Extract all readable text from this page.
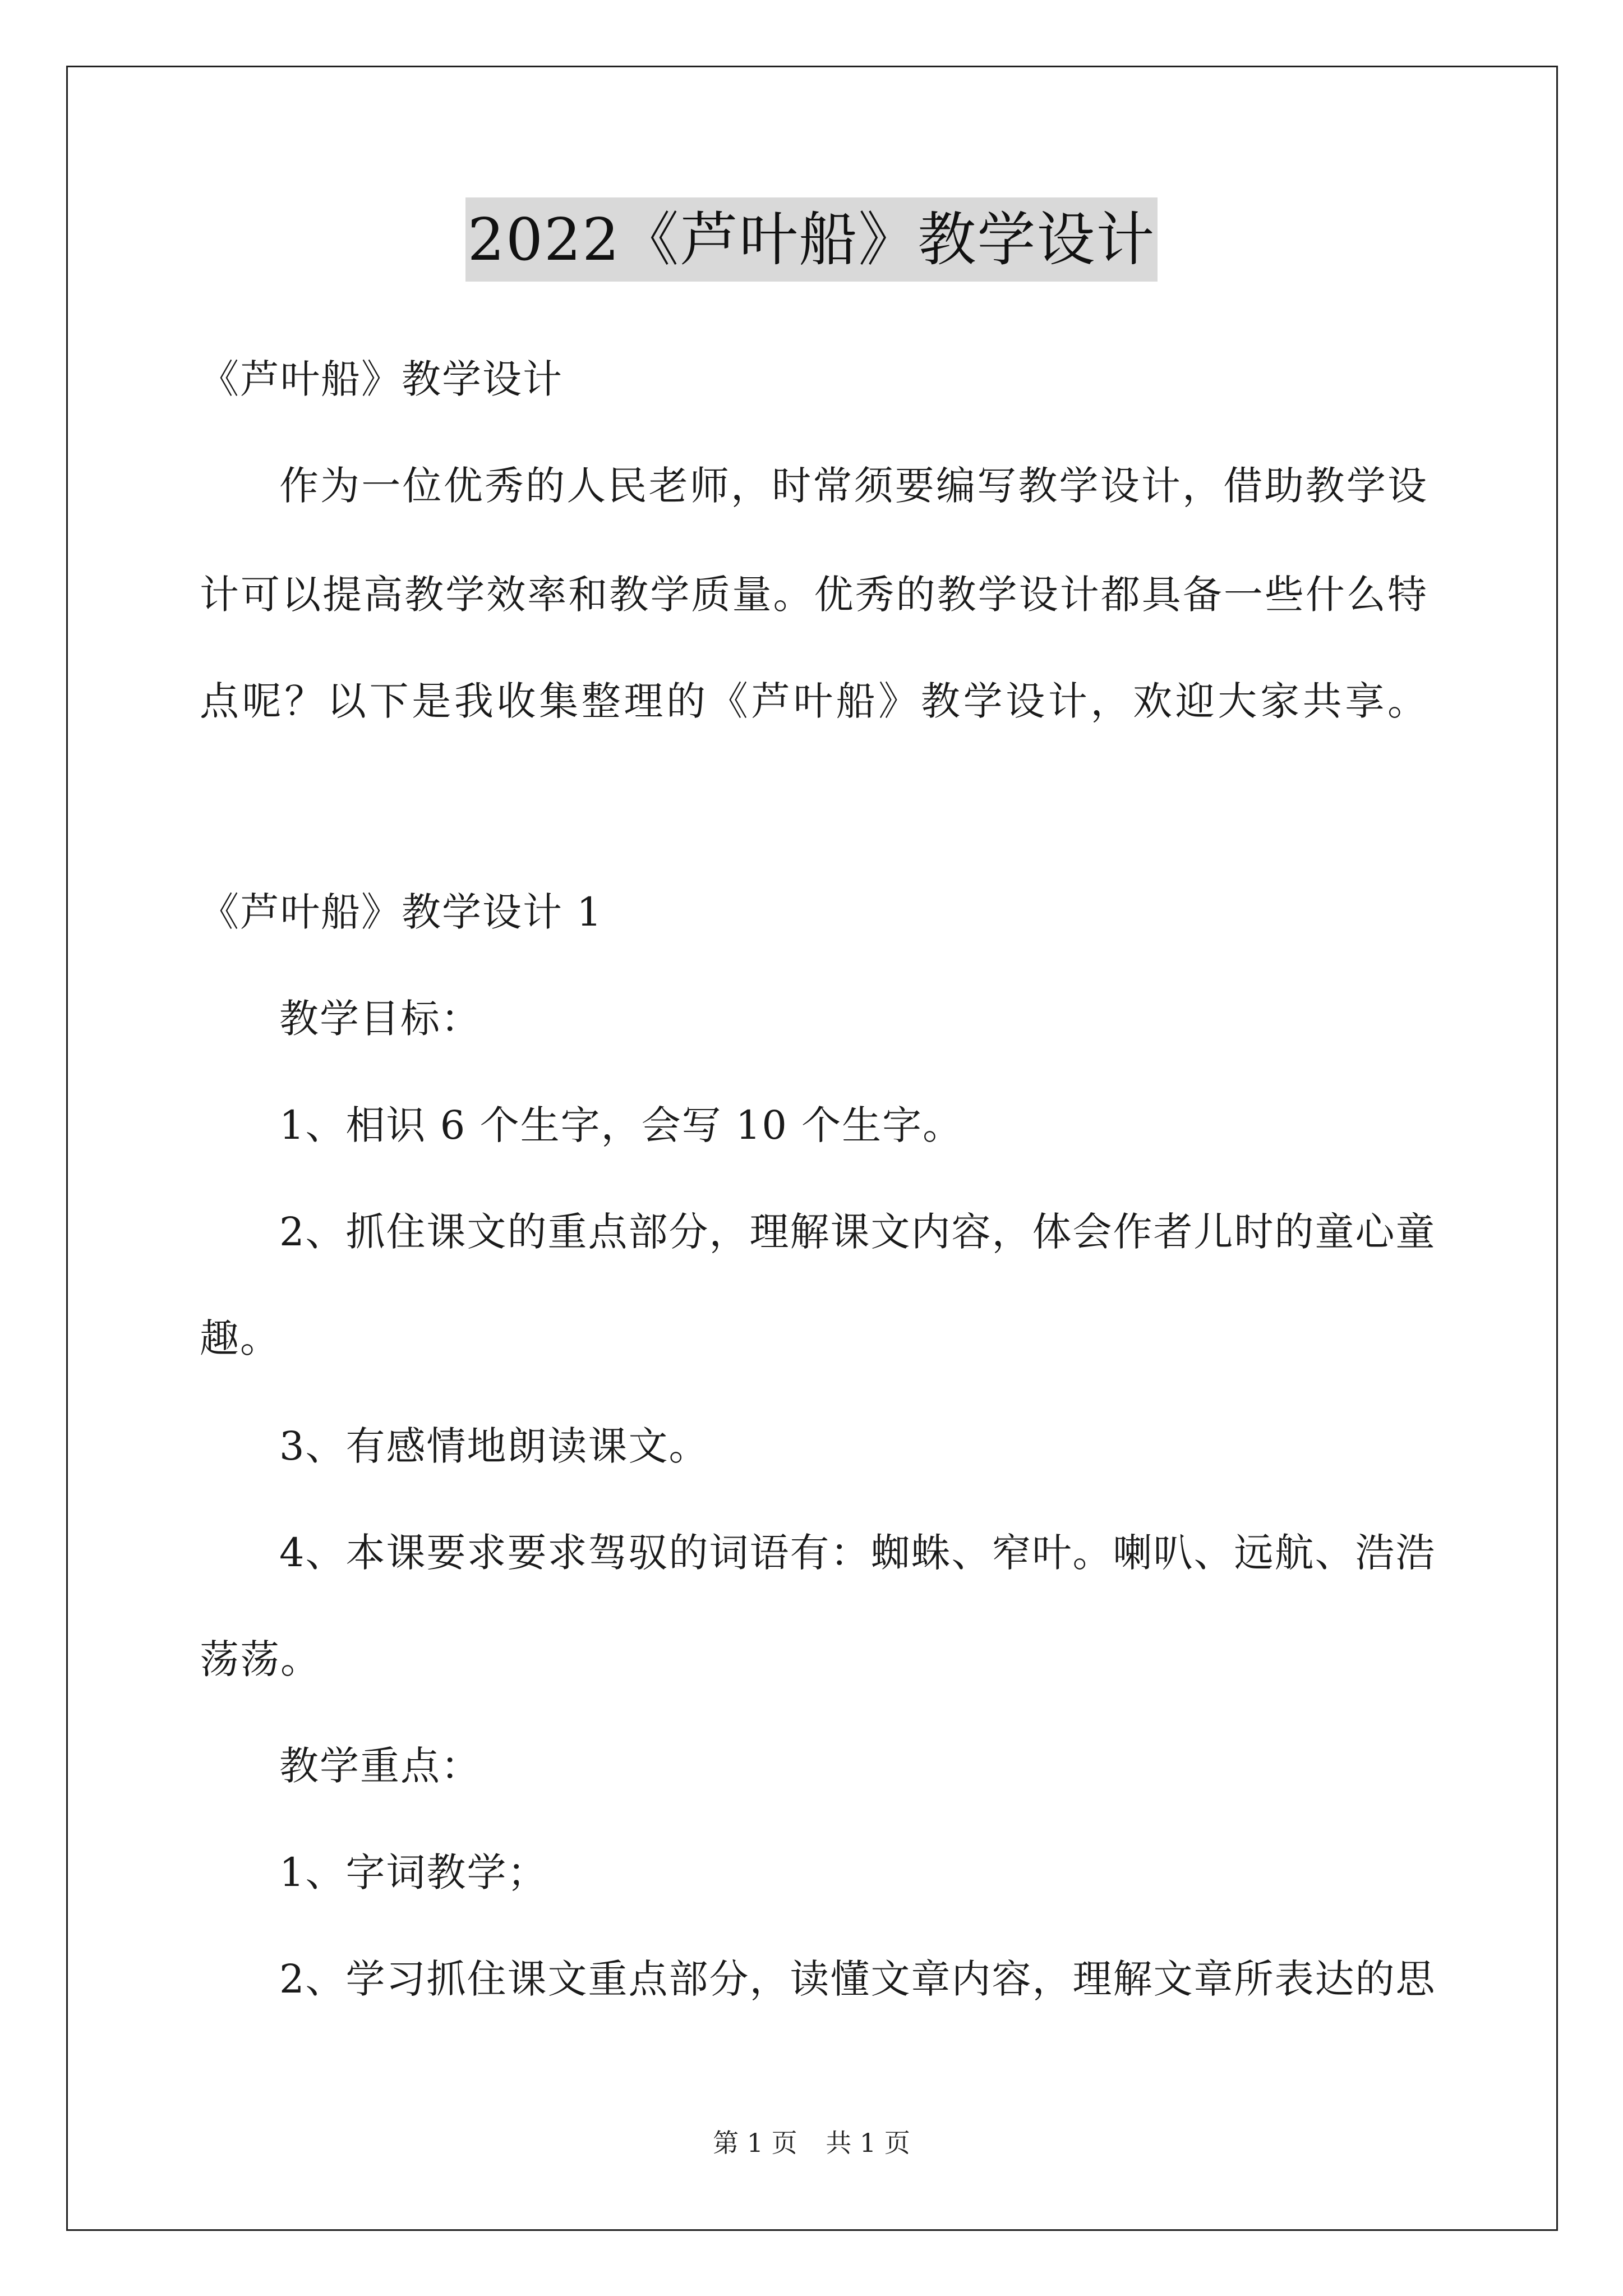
2022《芦叶船》教学设计
《芦叶船》教学设计
作为一位优秀的人民老师，时常须要编写教学设计，借助教学设
计可以提高教学效率和教学质量。优秀的教学设计都具备一些什么特
点呢？以下是我收集整理的《芦叶船》教学设计，欢迎大家共享。
《芦叶船》教学设计 1
教学目标：
1、相识 6 个生字，会写 10 个生字。
2、抓住课文的重点部分，理解课文内容，体会作者儿时的童心童
趣。
3、有感情地朗读课文。
4、本课要求要求驾驭的词语有：蜘蛛、窄叶。喇叭、远航、浩浩
荡荡。
教学重点：
1、字词教学；
2、学习抓住课文重点部分，读懂文章内容，理解文章所表达的思
第 1 页 共 1 页
